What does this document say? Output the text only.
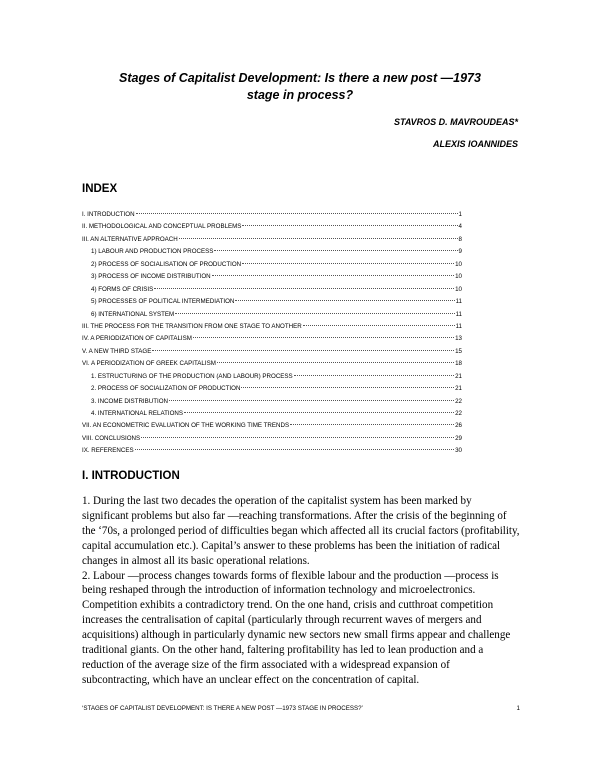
Stages of Capitalist Development: Is there a new post —1973
stage in process?

STAVROS D. MAVROUDEAS*

ALEXIS IOANNIDES

INDEX
I. INTRODUCTION	1
II. METHODOLOGICAL AND CONCEPTUAL PROBLEMS	4
III. AN ALTERNATIVE APPROACH	8
1) LABOUR AND PRODUCTION PROCESS	9
2) PROCESS OF SOCIALISATION OF PRODUCTION	10
3) PROCESS OF INCOME DISTRIBUTION	10
4) FORMS OF CRISIS	10
5) PROCESSES OF POLITICAL INTERMEDIATION	11
6) INTERNATIONAL SYSTEM	11
III. THE PROCESS FOR THE TRANSITION FROM ONE STAGE TO ANOTHER	11
IV. A PERIODIZATION OF CAPITALISM	13
V. A NEW THIRD STAGE	15
VI. A PERIODIZATION OF GREEK CAPITALISM	18
1. ESTRUCTURING OF THE PRODUCTION (AND LABOUR) PROCESS	21
2. PROCESS OF SOCIALIZATION OF PRODUCTION	21
3. INCOME DISTRIBUTION	22
4. INTERNATIONAL RELATIONS	22
VII. AN ECONOMETRIC EVALUATION OF THE WORKING TIME TRENDS	26
VIII. CONCLUSIONS	29
IX. REFERENCES	30
I. INTRODUCTION

1. During the last two decades the operation of the capitalist system has been marked by significant problems but also far —reaching transformations. After the crisis of the beginning of the ‘70s, a prolonged period of difficulties began which affected all its crucial factors (profitability, capital accumulation etc.). Capital’s answer to these problems has been the initiation of radical changes in almost all its basic operational relations.

2. Labour —process changes towards forms of flexible labour and the production —process is being reshaped through the introduction of information technology and microelectronics. Competition exhibits a contradictory trend. On the one hand, crisis and cutthroat competition increases the centralisation of capital (particularly through recurrent waves of mergers and acquisitions) although in particularly dynamic new sectors new small firms appear and challenge traditional giants. On the other hand, faltering profitability has led to lean production and a reduction of the average size of the firm associated with a widespread expansion of subcontracting, which have an unclear effect on the concentration of capital.

‘STAGES OF CAPITALIST DEVELOPMENT: IS THERE A NEW POST —1973 STAGE IN PROCESS?’	1
